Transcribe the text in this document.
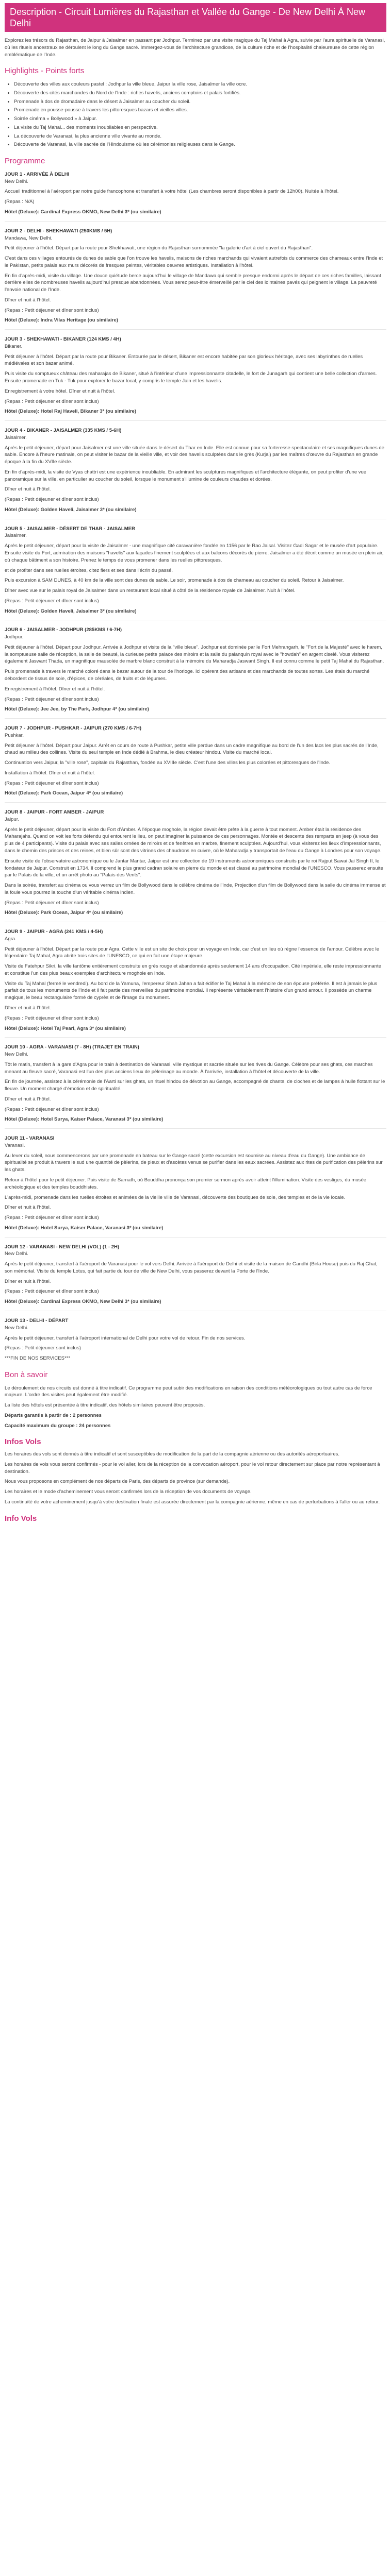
Description - Circuit Lumières du Rajasthan et Vallée du Gange - De New Delhi À New Delhi

Explorez les trésors du Rajasthan, de Jaipur à Jaisalmer en passant par Jodhpur. Terminez par une visite magique du Taj Mahal à Agra, suivie par l'aura spirituelle de Varanasi, où les rituels ancestraux se déroulent le long du Gange sacré. Immergez-vous de l'architecture grandiose, de la culture riche et de l'hospitalité chaleureuse de cette région emblématique de l'Inde.

Highlights - Points forts
• Découverte des villes aux couleurs pastel : Jodhpur la ville bleue, Jaipur la ville rose, Jaisalmer la ville ocre.
• Découverte des cités marchandes du Nord de l'Inde : riches havelis, anciens comptoirs et palais fortifiés.
• Promenade à dos de dromadaire dans le désert à Jaisalmer au coucher du soleil.
• Promenade en pousse-pousse à travers les pittoresques bazars et vieilles villes.
• Soirée cinéma « Bollywood » à Jaipur.
• La visite du Taj Mahal... des moments inoubliables en perspective.
• La découverte de Varanasi, la plus ancienne ville vivante au monde.
• Découverte de Varanasi, la ville sacrée de l'Hindouisme où les cérémonies religieuses dans le Gange.
Programme
JOUR 1 - ARRIVÉE À DELHI
New Delhi.

Accueil traditionnel à l'aéroport par notre guide francophone et transfert à votre hôtel (Les chambres seront disponibles à partir de 12h00). Nuitée à l'hôtel.

(Repas : N/A)

Hôtel (Deluxe): Cardinal Express OKMO, New Delhi 3* (ou similaire)
JOUR 2 - DELHI - SHEKHAWATI (250KMS / 5H)
Mandawa, New Delhi.

Petit déjeuner à l'hôtel. Départ par la route pour Shekhawati, une région du Rajasthan surnommée "la galerie d'art à ciel ouvert du Rajasthan".

C'est dans ces villages entourés de dunes de sable que l'on trouve les havelis, maisons de riches marchands qui vivaient autrefois du commerce des chameaux entre l'Inde et le Pakistan, petits palais aux murs décorés de fresques peintes, véritables oeuvres artistiques. Installation à l'hôtel.

En fin d'après-midi, visite du village. Une douce quiétude berce aujourd'hui le village de Mandawa qui semble presque endormi après le départ de ces riches familles, laissant derrière elles de nombreuses havelis aujourd'hui presque abandonnées. Vous serez peut-être émerveillé par le ciel des lointaines pavés qui peignent le village. La pauvreté l'envoie national de l'Inde.

Dîner et nuit à l'hôtel.

(Repas : Petit déjeuner et dîner sont inclus)

Hôtel (Deluxe): Indra Vilas Heritage (ou similaire)
JOUR 3 - SHEKHAWATI - BIKANER (124 KMS / 4H)
Bikaner.

Petit déjeuner à l'hôtel. Départ par la route pour Bikaner. Entourée par le désert, Bikaner est encore habitée par son glorieux héritage, avec ses labyrinthes de ruelles médiévales et son bazar animé.

Puis visite du somptueux château des maharajas de Bikaner, situé à l'intérieur d'une impressionnante citadelle, le fort de Junagarh qui contient une belle collection d'armes. Ensuite promenade en Tuk - Tuk pour explorer le bazar local, y compris le temple Jain et les havelis.

Enregistrement à votre hôtel. Dîner et nuit à l'hôtel.

(Repas : Petit déjeuner et dîner sont inclus)

Hôtel (Deluxe): Hotel Raj Haveli, Bikaner 3* (ou similaire)
JOUR 4 - BIKANER - JAISALMER (335 KMS / 5-6H)
Jaisalmer.

Après le petit déjeuner, départ pour Jaisalmer est une ville située dans le désert du Thar en Inde. Elle est connue pour sa forteresse spectaculaire et ses magnifiques dunes de sable. Encore à l'heure matinale, on peut visiter le bazar de la vieille ville, et voir des havelis sculptées dans le grès (Kurjai) par les maîtres d'œuvre du Rajasthan en grande époque à la fin du XVIIe siècle.

En fin d'après-midi, la visite de Vyas chattri est une expérience inoubliable. En admirant les sculptures magnifiques et l'architecture élégante, on peut profiter d'une vue panoramique sur la ville, en particulier au coucher du soleil, lorsque le monument s'illumine de couleurs chaudes et dorées.

Dîner et nuit à l'hôtel.

(Repas : Petit déjeuner et dîner sont inclus)

Hôtel (Deluxe): Golden Haveli, Jaisalmer 3* (ou similaire)
JOUR 5 - JAISALMER - DÉSERT DE THAR - JAISALMER
Jaisalmer.

Après le petit déjeuner, départ pour la visite de Jaisalmer - une magnifique cité caravanière fondée en 1156 par le Rao Jaisal. Visitez Gadi Sagar et le musée d'art populaire. Ensuite visite du Fort, admiration des maisons "havelis" aux façades finement sculptées et aux balcons décorés de pierre. Jaisalmer a été décrit comme un musée en plein air, où chaque bâtiment a son histoire. Prenez le temps de vous promener dans les ruelles pittoresques.

et de profiter dans ses ruelles étroites, citez fiers et ses dans l'écrin du passé.

Puis excursion à SAM DUNES, à 40 km de la ville sont des dunes de sable. Le soir, promenade à dos de chameau au coucher du soleil. Retour à Jaisalmer.

Dîner avec vue sur le palais royal de Jaisalmer dans un restaurant local situé à côté de la résidence royale de Jaisalmer. Nuit à l'hôtel.

(Repas : Petit déjeuner et dîner sont inclus)

Hôtel (Deluxe): Golden Haveli, Jaisalmer 3* (ou similaire)
JOUR 6 - JAISALMER - JODHPUR (285KMS / 6-7H)
Jodhpur.

Petit déjeuner à l'hôtel. Départ pour Jodhpur. Arrivée à Jodhpur et visite de la "ville bleue". Jodhpur est dominée par le Fort Mehrangarh, le "Fort de la Majesté" avec le harem, la somptueuse salle de réception, la salle de beauté, la curieuse petite palace des miroirs et la salle du palanquin royal avec le "howdah" en argent ciselé. Vous visiterez également Jaswant Thada, un magnifique mausolée de marbre blanc construit à la mémoire du Maharadja Jaswant Singh. Il est connu comme le petit Taj Mahal du Rajasthan.

Puis promenade à travers le marché coloré dans le bazar autour de la tour de l'horloge. Ici opèrent des artisans et des marchands de toutes sortes. Les étals du marché débordent de tissus de soie, d'épices, de céréales, de fruits et de légumes.

Enregistrement à l'hôtel. Dîner et nuit à l'hôtel.

(Repas : Petit déjeuner et dîner sont inclus)

Hôtel (Deluxe): Jee Jee, by The Park, Jodhpur 4* (ou similaire)
JOUR 7 - JODHPUR - PUSHKAR - JAIPUR (270 KMS / 6-7H)
Pushkar.

Petit déjeuner à l'hôtel. Départ pour Jaipur. Arrêt en cours de route à Pushkar, petite ville perdue dans un cadre magnifique au bord de l'un des lacs les plus sacrés de l'Inde, chaud au milieu des collines. Visite du seul temple en Inde dédié à Brahma, le dieu créateur hindou. Visite du marché local.

Continuation vers Jaipur, la "ville rose", capitale du Rajasthan, fondée au XVIIIe siècle. C'est l'une des villes les plus colorées et pittoresques de l'Inde.

Installation à l'hôtel. Dîner et nuit à l'hôtel.

(Repas : Petit déjeuner et dîner sont inclus)

Hôtel (Deluxe): Park Ocean, Jaipur 4* (ou similaire)
JOUR 8 - JAIPUR - FORT AMBER - JAIPUR
Jaipur.

Après le petit déjeuner, départ pour la visite du Fort d'Amber. À l'époque moghole, la région devait être prête à la guerre à tout moment. Amber était la résidence des Maharajahs. Quand on voit les forts défendu qui entourent le lieu, on peut imaginer la puissance de ces personnages. Montée et descente des remparts en jeep (à vous des plus de 4 participants). Visite du palais avec ses salles ornées de miroirs et de fenêtres en marbre, finement sculptées. Aujourd'hui, vous visiterez les lieux d'impressionnants, dans le chemin des princes et des reines, et bien sûr sont des vitrines des chaudrons en cuivre, où le Maharadja y transportait de l'eau du Gange à Londres pour son voyage.

Ensuite visite de l'observatoire astronomique ou le Jantar Mantar, Jaipur est une collection de 19 instruments astronomiques construits par le roi Rajput Sawai Jai Singh II, le fondateur de Jaipur. Construit en 1734. Il comprend le plus grand cadran solaire en pierre du monde et est classé au patrimoine mondial de l'UNESCO. Vous passerez ensuite par le Palais de la ville, et un arrêt photo au "Palais des Vents".

Dans la soirée, transfert au cinéma ou vous verrez un film de Bollywood dans le célèbre cinéma de l'Inde, Projection d'un film de Bollywood dans la salle du cinéma immense et la foule vous pourrez la touche d'un véritable cinéma indien.

(Repas : Petit déjeuner et dîner sont inclus)

Hôtel (Deluxe): Park Ocean, Jaipur 4* (ou similaire)
JOUR 9 - JAIPUR - AGRA (241 KMS / 4-5H)
Agra.

Petit déjeuner à l'hôtel. Départ par la route pour Agra. Cette ville est un site de choix pour un voyage en Inde, car c'est un lieu où règne l'essence de l'amour. Célèbre avec le légendaire Taj Mahal, Agra abrite trois sites de l'UNESCO, ce qui en fait une étape majeure.

Visite de Fatehpur Sikri, la ville fantôme entièrement construite en grès rouge et abandonnée après seulement 14 ans d'occupation. Cité impériale, elle reste impressionnante et constitue l'un des plus beaux exemples d'architecture moghole en Inde.

Visite du Taj Mahal (fermé le vendredi). Au bord de la Yamuna, l'empereur Shah Jahan a fait édifier le Taj Mahal à la mémoire de son épouse préférée. Il est à jamais le plus parfait de tous les monuments de l'Inde et il fait partie des merveilles du patrimoine mondial. Il représente véritablement l'histoire d'un grand amour. Il possède un charme magique, le beau rectangulaire formé de cyprès et de l'image du monument.

Dîner et nuit à l'hôtel.

(Repas : Petit déjeuner et dîner sont inclus)

Hôtel (Deluxe): Hotel Taj Pearl, Agra 3* (ou similaire)
JOUR 10 - AGRA - VARANASI (7 - 8H) (TRAJET EN TRAIN)
New Delhi.

Tôt le matin, transfert à la gare d'Agra pour le train à destination de Varanasi, ville mystique et sacrée située sur les rives du Gange. Célèbre pour ses ghats, ces marches menant au fleuve sacré, Varanasi est l'un des plus anciens lieux de pèlerinage au monde. À l'arrivée, installation à l'hôtel et découverte de la ville.

En fin de journée, assistez à la cérémonie de l'Aarti sur les ghats, un rituel hindou de dévotion au Gange, accompagné de chants, de cloches et de lampes à huile flottant sur le fleuve. Un moment chargé d'émotion et de spiritualité.

Dîner et nuit à l'hôtel.

(Repas : Petit déjeuner et dîner sont inclus)

Hôtel (Deluxe): Hotel Surya, Kaiser Palace, Varanasi 3* (ou similaire)
JOUR 11 - VARANASI
Varanasi.

Au lever du soleil, nous commencerons par une promenade en bateau sur le Gange sacré (cette excursion est soumise au niveau d'eau du Gange). Une ambiance de spiritualité se produit à travers le sud une quantité de pèlerins, de pieux et d'ascètes venus se purifier dans les eaux sacrées. Assistez aux rites de purification des pèlerins sur les ghats.

Retour à l'hôtel pour le petit déjeuner. Puis visite de Sarnath, où Bouddha prononça son premier sermon après avoir atteint l'illumination. Visite des vestiges, du musée archéologique et des temples bouddhistes.

L'après-midi, promenade dans les ruelles étroites et animées de la vieille ville de Varanasi, découverte des boutiques de soie, des temples et de la vie locale.

Dîner et nuit à l'hôtel.

(Repas : Petit déjeuner et dîner sont inclus)

Hôtel (Deluxe): Hotel Surya, Kaiser Palace, Varanasi 3* (ou similaire)
JOUR 12 - VARANASI - NEW DELHI (VOL) (1 - 2H)
New Delhi.

Après le petit déjeuner, transfert à l'aéroport de Varanasi pour le vol vers Delhi. Arrivée à l'aéroport de Delhi et visite de la maison de Gandhi (Birla House) puis du Raj Ghat, son mémorial. Visite du temple Lotus, qui fait partie du tour de ville de New Delhi, vous passerez devant la Porte de l'Inde.

Dîner et nuit à l'hôtel.

(Repas : Petit déjeuner et dîner sont inclus)

Hôtel (Deluxe): Cardinal Express OKMO, New Delhi 3* (ou similaire)
JOUR 13 - DELHI - DÉPART
New Delhi.

Après le petit déjeuner, transfert à l'aéroport international de Delhi pour votre vol de retour. Fin de nos services.

(Repas : Petit déjeuner sont inclus)

***FIN DE NOS SERVICES***

Bon à savoir

Le déroulement de nos circuits est donné à titre indicatif. Ce programme peut subir des modifications en raison des conditions météorologiques ou tout autre cas de force majeure. L'ordre des visites peut également être modifié.

La liste des hôtels est présentée à titre indicatif, des hôtels similaires peuvent être proposés.

Départs garantis à partir de : 2 personnes

Capacité maximum du groupe : 24 personnes

Infos Vols

Les horaires des vols sont donnés à titre indicatif et sont susceptibles de modification de la part de la compagnie aérienne ou des autorités aéroportuaires.

Les horaires de vols vous seront confirmés - pour le vol aller, lors de la réception de la convocation aéroport, pour le vol retour directement sur place par notre représentant à destination.

Nous vous proposons en complément de nos départs de Paris, des départs de province (sur demande).

Les horaires et le mode d'acheminement vous seront confirmés lors de la réception de vos documents de voyage.

La continuité de votre acheminement jusqu'à votre destination finale est assurée directement par la compagnie aérienne, même en cas de perturbations à l'aller ou au retour.

Info Vols
